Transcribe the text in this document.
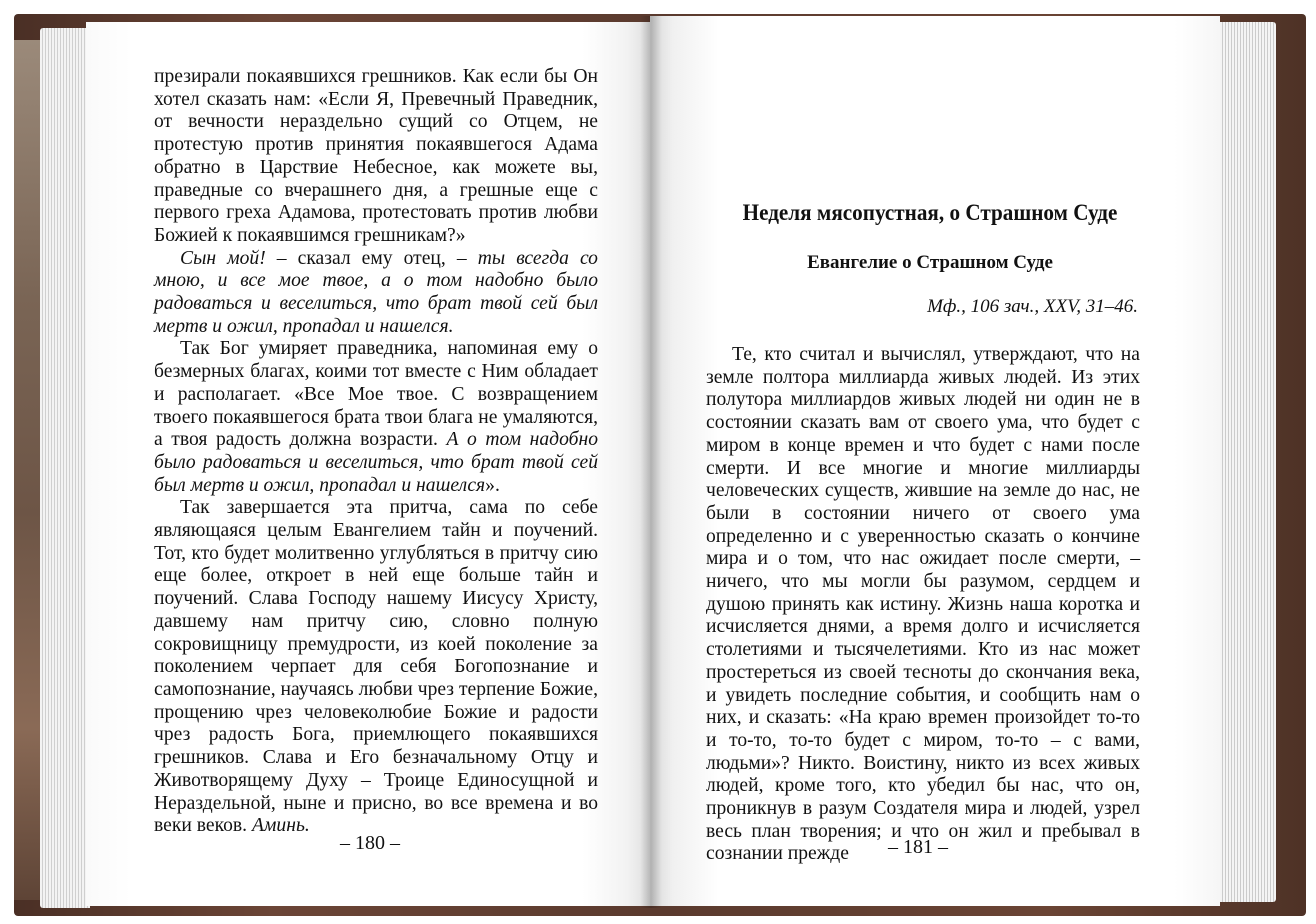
презирали покаявшихся грешников. Как если бы Он хотел сказать нам: «Если Я, Превечный Праведник, от вечности нераздельно сущий со Отцем, не протестую против принятия покаявшегося Адама обратно в Царствие Небесное, как можете вы, праведные со вчерашнего дня, а грешные еще с первого греха Адамова, протестовать против любви Божией к покаявшимся грешникам?»

Сын мой! – сказал ему отец, – ты всегда со мною, и все мое твое, а о том надобно было радоваться и веселиться, что брат твой сей был мертв и ожил, пропадал и нашелся.

Так Бог умиряет праведника, напоминая ему о безмерных благах, коими тот вместе с Ним обладает и располагает. «Все Мое твое. С возвращением твоего покаявшегося брата твои блага не умаляются, а твоя радость должна возрасти. А о том надобно было радоваться и веселиться, что брат твой сей был мертв и ожил, пропадал и нашелся».

Так завершается эта притча, сама по себе являющаяся целым Евангелием тайн и поучений. Тот, кто будет молитвенно углубляться в притчу сию еще более, откроет в ней еще больше тайн и поучений. Слава Господу нашему Иисусу Христу, давшему нам притчу сию, словно полную сокровищницу премудрости, из коей поколение за поколением черпает для себя Богопознание и самопознание, научаясь любви чрез терпение Божие, прощению чрез человеколюбие Божие и радости чрез радость Бога, приемлющего покаявшихся грешников. Слава и Его безначальному Отцу и Животворящему Духу – Троице Единосущной и Нераздельной, ныне и присно, во все времена и во веки веков. Аминь.

– 180 –
Неделя мясопустная, о Страшном Суде
Евангелие о Страшном Суде
Мф., 106 зач., XXV, 31–46.

Те, кто считал и вычислял, утверждают, что на земле полтора миллиарда живых людей. Из этих полутора миллиардов живых людей ни один не в состоянии сказать вам от своего ума, что будет с миром в конце времен и что будет с нами после смерти. И все многие и многие миллиарды человеческих существ, жившие на земле до нас, не были в состоянии ничего от своего ума определенно и с уверенностью сказать о кончине мира и о том, что нас ожидает после смерти, – ничего, что мы могли бы разумом, сердцем и душою принять как истину. Жизнь наша коротка и исчисляется днями, а время долго и исчисляется столетиями и тысячелетиями. Кто из нас может простереться из своей тесноты до скончания века, и увидеть последние события, и сообщить нам о них, и сказать: «На краю времен произойдет то-то и то-то, то-то будет с миром, то-то – с вами, людьми»? Никто. Воистину, никто из всех живых людей, кроме того, кто убедил бы нас, что он, проникнув в разум Создателя мира и людей, узрел весь план творения; и что он жил и пребывал в сознании прежде	– 181 –
